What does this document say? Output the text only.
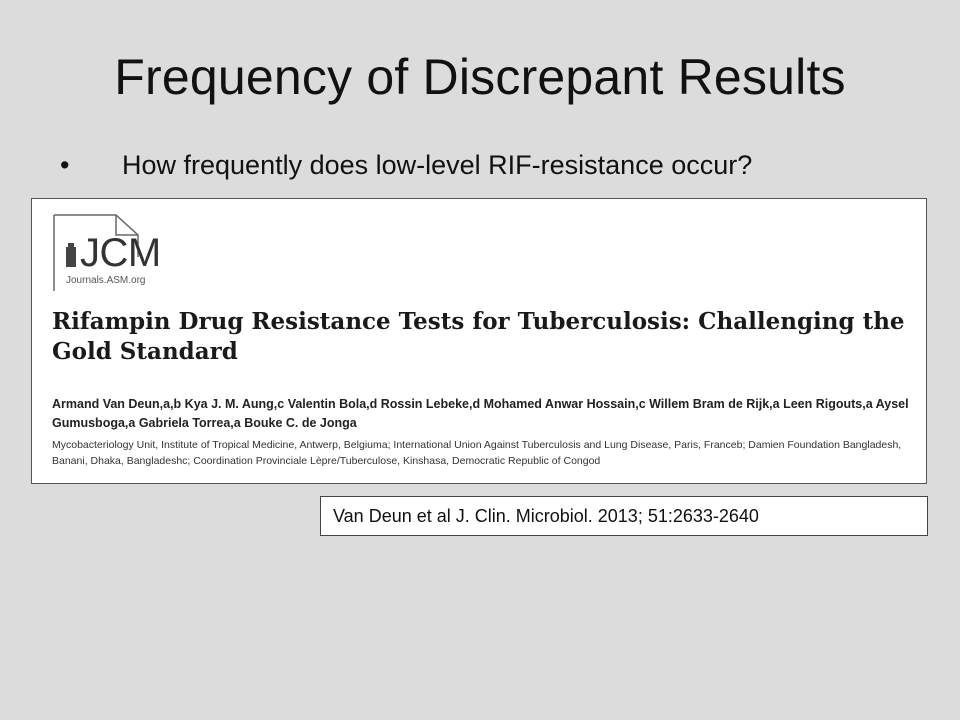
Frequency of Discrepant Results
• How frequently does low-level RIF-resistance occur?
JCM
Journals.ASM.org
Rifampin Drug Resistance Tests for Tuberculosis: Challenging the Gold Standard
Armand Van Deun,a,b Kya J. M. Aung,c Valentin Bola,d Rossin Lebeke,d Mohamed Anwar Hossain,c Willem Bram de Rijk,a Leen Rigouts,a Aysel Gumusboga,a Gabriela Torrea,a Bouke C. de Jonga
Mycobacteriology Unit, Institute of Tropical Medicine, Antwerp, Belgiuma; International Union Against Tuberculosis and Lung Disease, Paris, Franceb; Damien Foundation Bangladesh, Banani, Dhaka, Bangladeshc; Coordination Provinciale Lèpre/Tuberculose, Kinshasa, Democratic Republic of Congod
Van Deun et al J. Clin. Microbiol. 2013; 51:2633-2640
